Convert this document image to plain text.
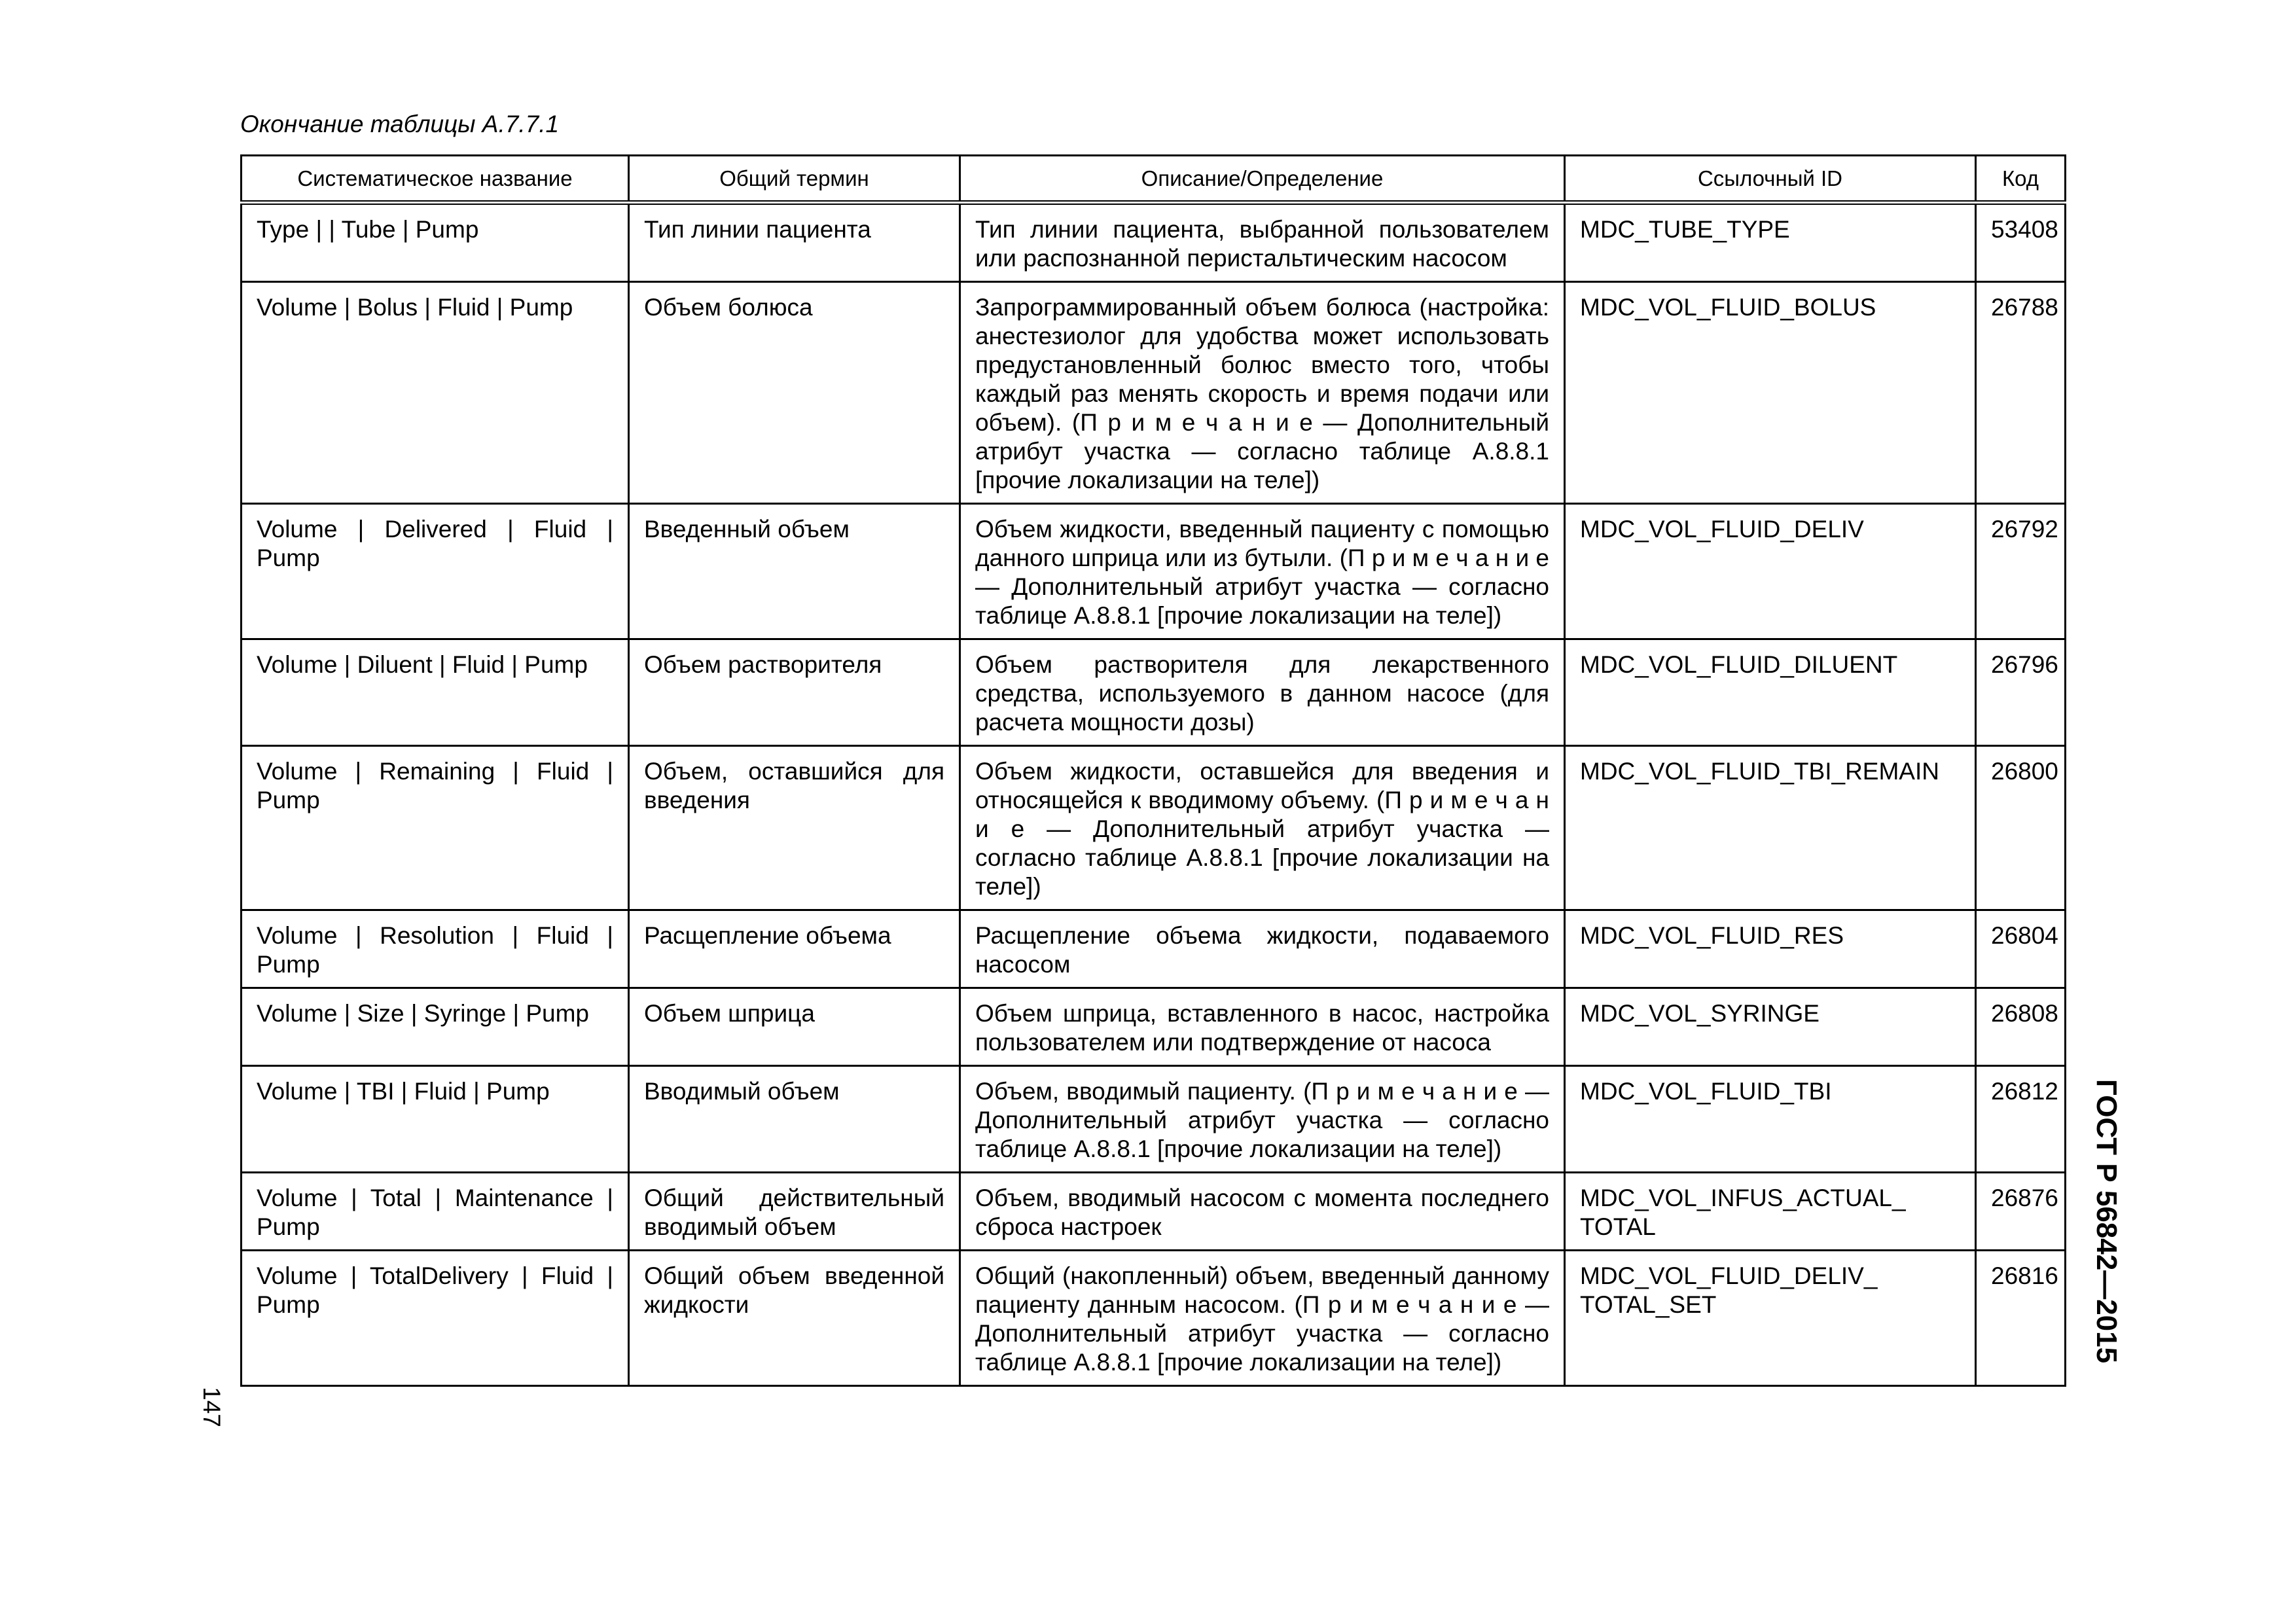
Окончание таблицы А.7.7.1
Систематическое название	Общий термин	Описание/Определение	Ссылочный ID	Код
Type | | Tube | Pump	Тип линии пациента	Тип линии пациента, выбранной пользователем или распознанной перистальтическим насосом	MDC_TUBE_TYPE	53408
Volume | Bolus | Fluid | Pump	Объем болюса	Запрограммированный объем болюса (настройка: анестезиолог для удобства может использовать предустановленный болюс вместо того, чтобы каждый раз менять скорость и время подачи или объем). (П р и м е ч а н и е — Дополнительный атрибут участка — согласно таблице А.8.8.1 [прочие локализации на теле])	MDC_VOL_FLUID_BOLUS	26788
Volume | Delivered | Fluid | Pump	Введенный объем	Объем жидкости, введенный пациенту с помощью данного шприца или из бутыли. (П р и м е ч а н и е — Дополнительный атрибут участка — согласно таблице А.8.8.1 [прочие локализации на теле])	MDC_VOL_FLUID_DELIV	26792
Volume | Diluent | Fluid | Pump	Объем растворителя	Объем растворителя для лекарственного средства, используемого в данном насосе (для расчета мощности дозы)	MDC_VOL_FLUID_DILUENT	26796
Volume | Remaining | Fluid | Pump	Объем, оставшийся для введения	Объем жидкости, оставшейся для введения и относящейся к вводимому объему. (П р и м е ч а н и е — Дополнительный атрибут участка — согласно таблице А.8.8.1 [прочие локализации на теле])	MDC_VOL_FLUID_TBI_REMAIN	26800
Volume | Resolution | Fluid | Pump	Расщепление объема	Расщепление объема жидкости, подаваемого насосом	MDC_VOL_FLUID_RES	26804
Volume | Size | Syringe | Pump	Объем шприца	Объем шприца, вставленного в насос, настройка пользователем или подтверждение от насоса	MDC_VOL_SYRINGE	26808
Volume | TBI | Fluid | Pump	Вводимый объем	Объем, вводимый пациенту. (П р и м е ч а н и е — Дополнительный атрибут участка — согласно таблице А.8.8.1 [прочие локализации на теле])	MDC_VOL_FLUID_TBI	26812
Volume | Total | Maintenance | Pump	Общий действительный вводимый объем	Объем, вводимый насосом с момента последнего сброса настроек	MDC_VOL_INFUS_ACTUAL_ TOTAL	26876
Volume | TotalDelivery | Fluid | Pump	Общий объем введенной жидкости	Общий (накопленный) объем, введенный данному пациенту данным насосом. (П р и м е ч а н и е — Дополнительный атрибут участка — согласно таблице А.8.8.1 [прочие локализации на теле])	MDC_VOL_FLUID_DELIV_ TOTAL_SET	26816
147
ГОСТ Р 56842—2015
